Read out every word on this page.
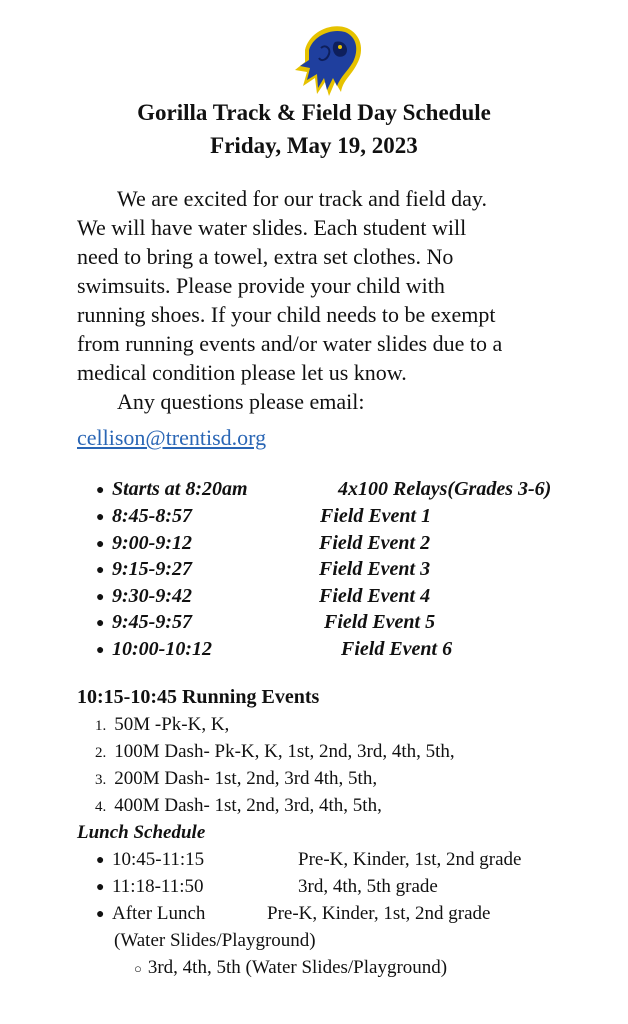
Gorilla Track & Field Day Schedule
Friday, May 19, 2023
We are excited for our track and field day.
We will have water slides. Each student will
need to bring a towel, extra set clothes. No
swimsuits. Please provide your child with
running shoes. If your child needs to be exempt
from running events and/or water slides due to a
medical condition please let us know.
Any questions please email:
cellison@trentisd.org
● Starts at 8:20am	4x100 Relays(Grades 3-6)
● 8:45-8:57	Field Event 1
● 9:00-9:12	Field Event 2
● 9:15-9:27	Field Event 3
● 9:30-9:42	Field Event 4
● 9:45-9:57	Field Event 5
● 10:00-10:12	Field Event 6
10:15-10:45 Running Events
1. 50M -Pk-K, K,
2. 100M Dash- Pk-K, K, 1st, 2nd, 3rd, 4th, 5th,
3. 200M Dash- 1st, 2nd, 3rd 4th, 5th,
4. 400M Dash- 1st, 2nd, 3rd, 4th, 5th,
Lunch Schedule
● 10:45-11:15	Pre-K, Kinder, 1st, 2nd grade
● 11:18-11:50	3rd, 4th, 5th grade
● After Lunch	Pre-K, Kinder, 1st, 2nd grade
(Water Slides/Playground)
○ 3rd, 4th, 5th (Water Slides/Playground)
